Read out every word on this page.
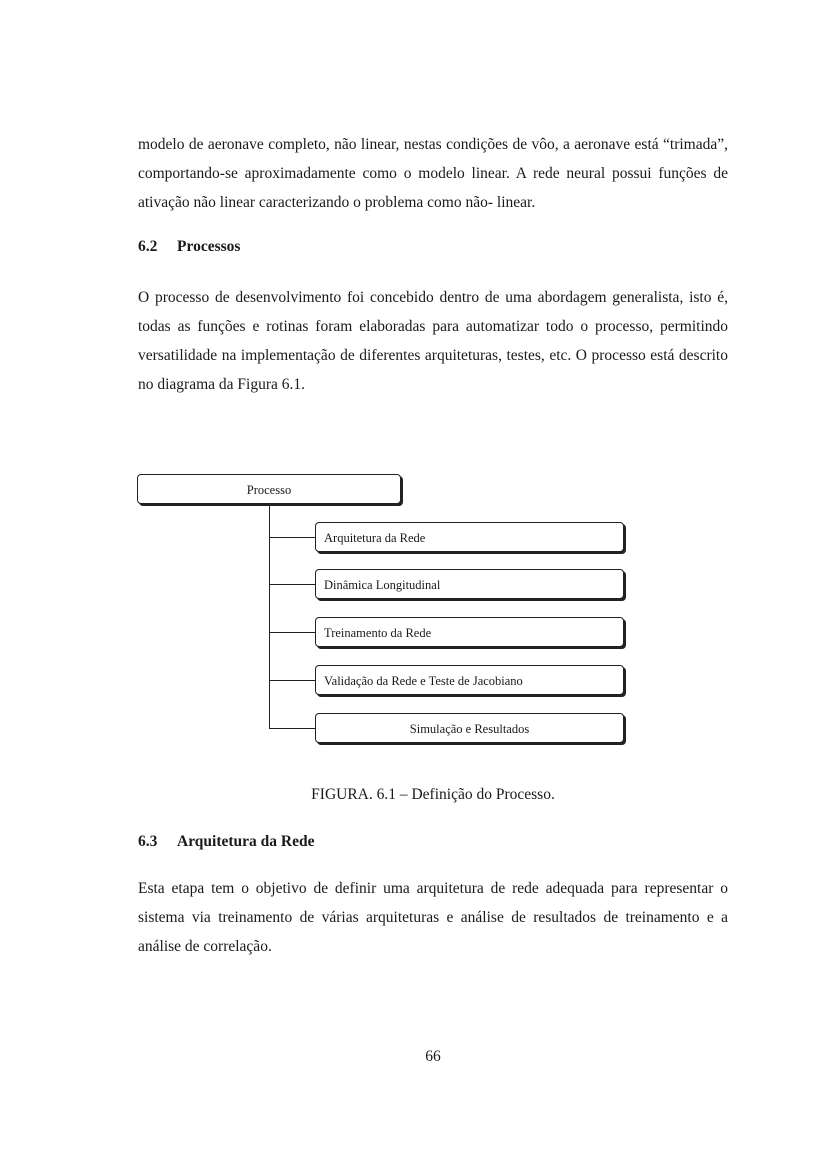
modelo de aeronave completo, não linear, nestas condições de vôo, a aeronave está “trimada”, comportando-se aproximadamente como o modelo linear. A rede neural possui funções de ativação não linear caracterizando o problema como não- linear.

6.2 Processos

O processo de desenvolvimento foi concebido dentro de uma abordagem generalista, isto é, todas as funções e rotinas foram elaboradas para automatizar todo o processo, permitindo versatilidade na implementação de diferentes arquiteturas, testes, etc. O processo está descrito no diagrama da Figura 6.1.

Processo
Arquitetura da Rede
Dinâmica Longitudinal
Treinamento da Rede
Validação da Rede e Teste de Jacobiano
Simulação e Resultados

FIGURA. 6.1 – Definição do Processo.

6.3 Arquitetura da Rede

Esta etapa tem o objetivo de definir uma arquitetura de rede adequada para representar o sistema via treinamento de várias arquiteturas e análise de resultados de treinamento e a análise de correlação.

66
